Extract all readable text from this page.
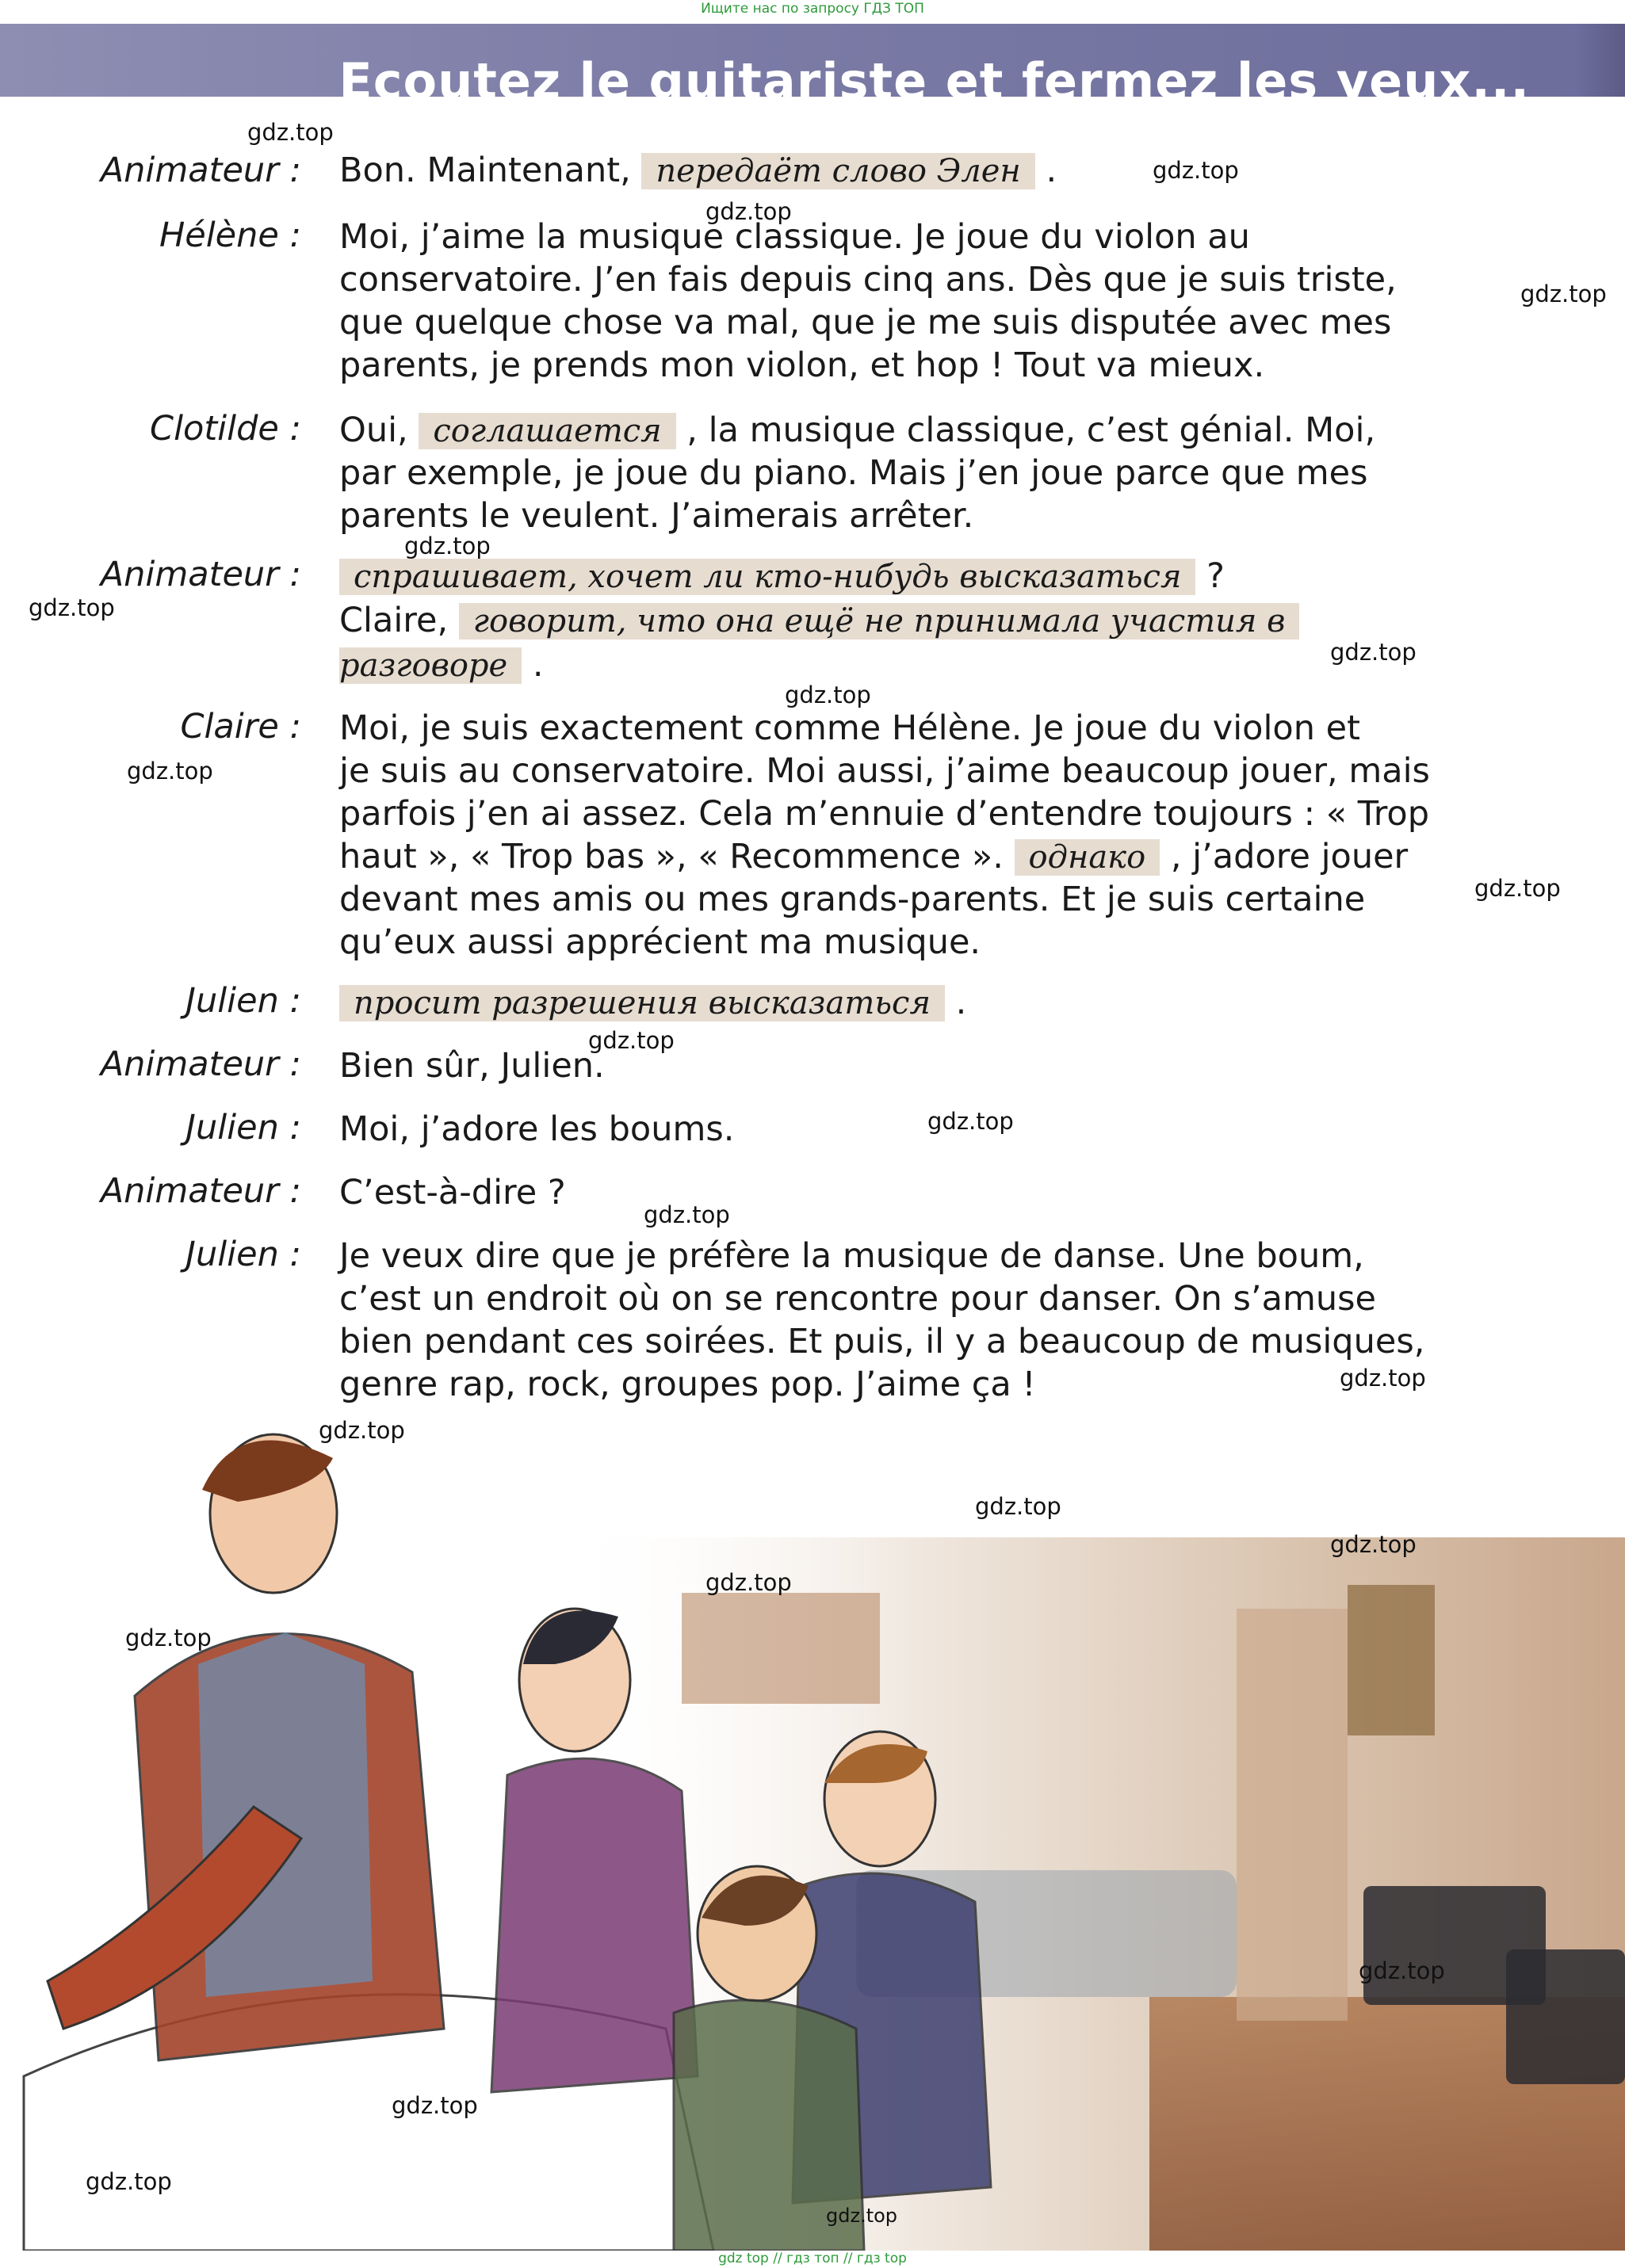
Ищите нас по запросу ГДЗ ТОП
Ecoutez le guitariste et fermez les yeux...
Animateur : Bon. Maintenant, передаёт слово Элен .
Hélène : Moi, j’aime la musique classique. Je joue du violon au
conservatoire. J’en fais depuis cinq ans. Dès que je suis triste,
que quelque chose va mal, que je me suis disputée avec mes
parents, je prends mon violon, et hop ! Tout va mieux.
Clotilde : Oui, соглашается , la musique classique, c’est génial. Moi,
par exemple, je joue du piano. Mais j’en joue parce que mes
parents le veulent. J’aimerais arrêter.
Animateur :	спрашивает, хочет ли кто-нибудь высказаться ?
Claire, говорит, что она ещё не принимала участия в
разговоре .
Claire : Moi, je suis exactement comme Hélène. Je joue du violon et
je suis au conservatoire. Moi aussi, j’aime beaucoup jouer, mais
parfois j’en ai assez. Cela m’ennuie d’entendre toujours : « Trop
haut », « Trop bas », « Recommence ». однако , j’adore jouer
devant mes amis ou mes grands-parents. Et je suis certaine
qu’eux aussi apprécient ma musique.
Julien :	просит разрешения высказаться .
Animateur : Bien sûr, Julien.
Julien : Moi, j’adore les boums.
Animateur : C’est-à-dire ?
Julien : Je veux dire que je préfère la musique de danse. Une boum,
c’est un endroit où on se rencontre pour danser. On s’amuse
bien pendant ces soirées. Et puis, il y a beaucoup de musiques,
genre rap, rock, groupes pop. J’aime ça !
gdz.top
gdz.top
gdz.top
gdz.top
gdz.top
gdz.top
gdz.top
gdz.top
gdz.top
gdz.top
gdz.top
gdz.top
gdz.top
gdz.top
gdz.top
gdz.top
gdz.top
gdz.top
gdz.top
gdz.top
gdz.top
gdz.top
gdz.top
gdz top // гдз топ // гдз top
